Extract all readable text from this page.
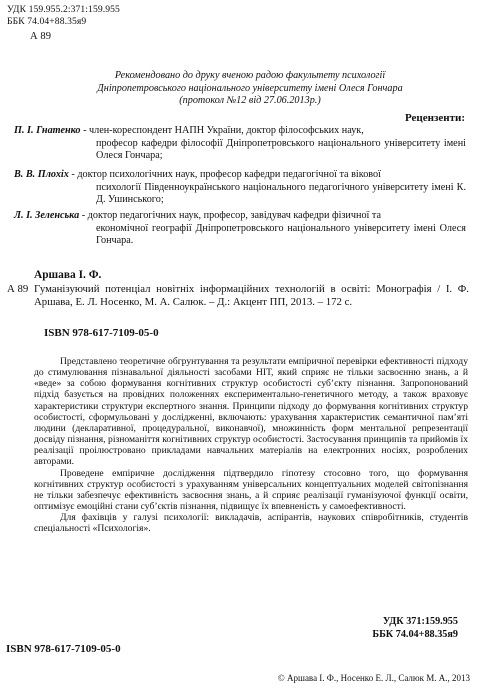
УДК 159.955.2:371:159.955
ББК 74.04+88.35я9
А 89
Рекомендовано до друку вченою радою факультету психології
Дніпропетровського національного університету імені Олеся Гончара
(протокол №12 від 27.06.2013р.)
Рецензенти:
П. І. Гнатенко - член-кореспондент НАПН України, доктор філософських наук,
професор кафедри філософії Дніпропетровського національного університету імені Олеся Гончара;
В. В. Плохіх - доктор психологічних наук, професор кафедри педагогічної та вікової
психології Південноукраїнського національного педагогічного університету імені К. Д. Ушинського;
Л. І. Зеленська - доктор педагогічних наук, професор, завідувач кафедри фізичної та
економічної географії Дніпропетровського національного університету імені Олеся Гончара.
Аршава І. Ф.
А 89 Гуманізуючий потенціал новітніх інформаційних технологій в освіті: Монографія / І. Ф. Аршава, Е. Л. Носенко, М. А. Салюк. – Д.: Акцент ПП, 2013. – 172 с.
ISBN 978-617-7109-05-0

Представлено теоретичне обгрунтування та результати емпіричної перевірки ефективності підходу до стимулювання пізнавальної діяльності засобами НІТ, який сприяє не тільки засвоєнню знань, а й «веде» за собою формування когнітивних структур особистості суб’єкту пізнання. Запропонований підхід базується на провідних положеннях експериментально-генетичного методу, а також враховує характеристики структури експертного знання. Принципи підходу до формування когнітивних структур особистості, сформульовані у дослідженні, включають: урахування характеристик семантичної пам’яті людини (декларативної, процедуральної, виконавчої), множинність форм ментальної репрезентації досвіду пізнання, різноманіття когнітивних структур особистості. Застосування принципів та прийомів їх реалізації проілюстровано прикладами навчальних матеріалів на електронних носіях, розроблених авторами.

Проведене емпіричне дослідження підтвердило гіпотезу стосовно того, що формування когнітивних структур особистості з урахуванням універсальних концептуальних моделей світопізнання не тільки забезпечує ефективність засвоєння знань, а й сприяє реалізації гуманізуючої функції освіти, оптимізує емоційні стани суб’єктів пізнання, підвищує їх впевненість у самоефективності.

Для фахівців у галузі психології: викладачів, аспірантів, наукових співробітників, студентів спеціальності «Психологія».

УДК 371:159.955
ББК 74.04+88.35я9
ISBN 978-617-7109-05-0
© Аршава І. Ф., Носенко Е. Л., Салюк М. А., 2013
